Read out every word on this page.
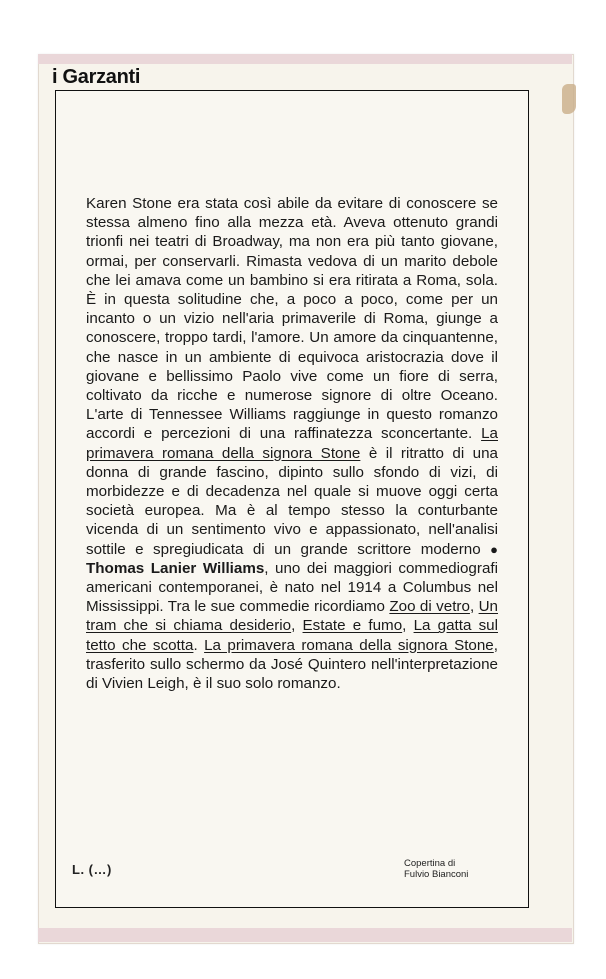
i Garzanti
Karen Stone era stata così abile da evitare di conoscere se stessa almeno fino alla mezza età. Aveva ottenuto grandi trionfi nei teatri di Broadway, ma non era più tanto giovane, ormai, per conservarli. Rimasta vedova di un marito debole che lei amava come un bambino si era ritirata a Roma, sola. È in questa solitudine che, a poco a poco, come per un incanto o un vizio nell'aria primaverile di Roma, giunge a conoscere, troppo tardi, l'amore. Un amore da cinquantenne, che nasce in un ambiente di equivoca aristocrazia dove il giovane e bellissimo Paolo vive come un fiore di serra, coltivato da ricche e numerose signore di oltre Oceano. L'arte di Tennessee Williams raggiunge in questo romanzo accordi e percezioni di una raffinatezza sconcertante. La primavera romana della signora Stone è il ritratto di una donna di grande fascino, dipinto sullo sfondo di vizi, di morbidezze e di decadenza nel quale si muove oggi certa società europea. Ma è al tempo stesso la conturbante vicenda di un sentimento vivo e appassionato, nell'analisi sottile e spregiudicata di un grande scrittore moderno ● Thomas Lanier Williams, uno dei maggiori commediografi americani contemporanei, è nato nel 1914 a Columbus nel Mississippi. Tra le sue commedie ricordiamo Zoo di vetro, Un tram che si chiama desiderio, Estate e fumo, La gatta sul tetto che scotta. La primavera romana della signora Stone, trasferito sullo schermo da José Quintero nell'interpretazione di Vivien Leigh, è il suo solo romanzo.
L. (…)	Copertina di
Fulvio Bianconi
